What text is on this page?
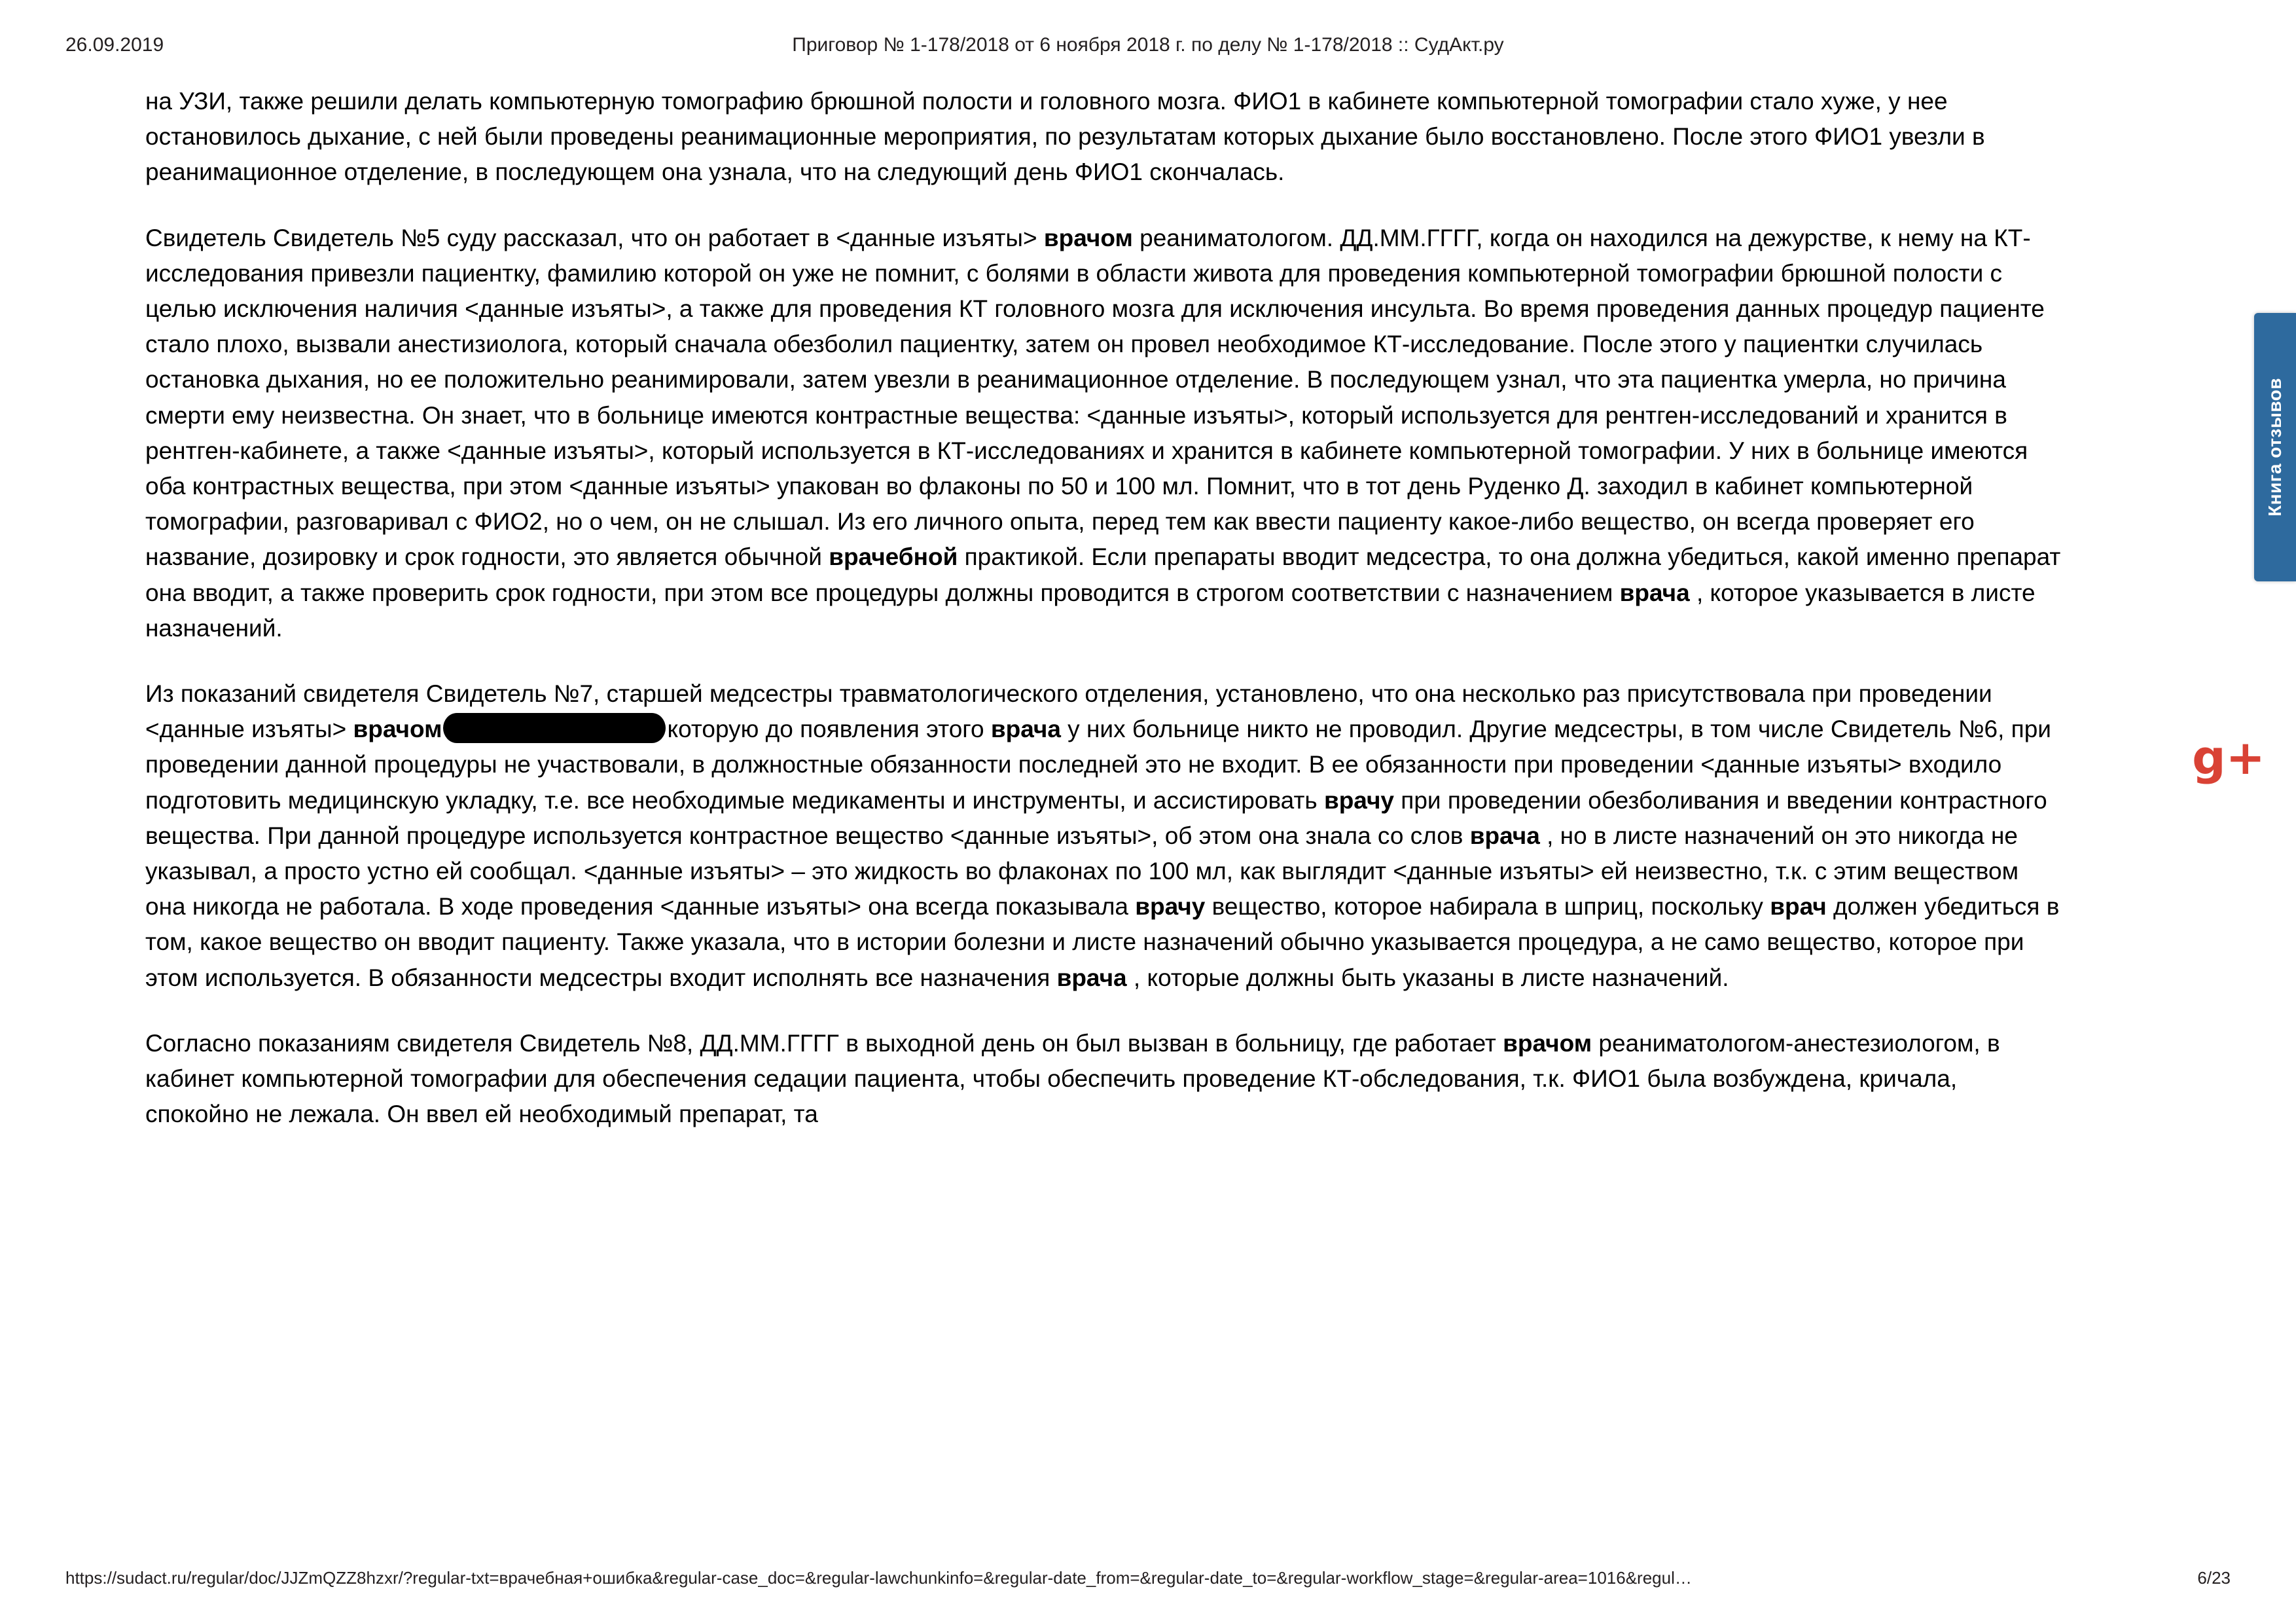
26.09.2019	Приговор № 1-178/2018 от 6 ноября 2018 г. по делу № 1-178/2018 :: СудАкт.ру
на УЗИ, также решили делать компьютерную томографию брюшной полости и головного мозга. ФИО1 в кабинете компьютерной томографии стало хуже, у нее остановилось дыхание, с ней были проведены реанимационные мероприятия, по результатам которых дыхание было восстановлено. После этого ФИО1 увезли в реанимационное отделение, в последующем она узнала, что на следующий день ФИО1 скончалась.
Свидетель Свидетель №5 суду рассказал, что он работает в <данные изъяты> врачом реаниматологом. ДД.ММ.ГГГГ, когда он находился на дежурстве, к нему на КТ-исследования привезли пациентку, фамилию которой он уже не помнит, с болями в области живота для проведения компьютерной томографии брюшной полости с целью исключения наличия <данные изъяты>, а также для проведения КТ головного мозга для исключения инсульта. Во время проведения данных процедур пациенте стало плохо, вызвали анестизиолога, который сначала обезболил пациентку, затем он провел необходимое КТ-исследование. После этого у пациентки случилась остановка дыхания, но ее положительно реанимировали, затем увезли в реанимационное отделение. В последующем узнал, что эта пациентка умерла, но причина смерти ему неизвестна. Он знает, что в больнице имеются контрастные вещества: <данные изъяты>, который используется для рентген-исследований и хранится в рентген-кабинете, а также <данные изъяты>, который используется в КТ-исследованиях и хранится в кабинете компьютерной томографии. У них в больнице имеются оба контрастных вещества, при этом <данные изъяты> упакован во флаконы по 50 и 100 мл. Помнит, что в тот день Руденко Д. заходил в кабинет компьютерной томографии, разговаривал с ФИО2, но о чем, он не слышал. Из его личного опыта, перед тем как ввести пациенту какое-либо вещество, он всегда проверяет его название, дозировку и срок годности, это является обычной врачебной практикой. Если препараты вводит медсестра, то она должна убедиться, какой именно препарат она вводит, а также проверить срок годности, при этом все процедуры должны проводится в строгом соответствии с назначением врача , которое указывается в листе назначений.
Из показаний свидетеля Свидетель №7, старшей медсестры травматологического отделения, установлено, что она несколько раз присутствовала при проведении <данные изъяты> врачом	которую до появления этого врача у них больнице никто не проводил. Другие медсестры, в том числе Свидетель №6, при проведении данной процедуры не участвовали, в должностные обязанности последней это не входит. В ее обязанности при проведении <данные изъяты> входило подготовить медицинскую укладку, т.е. все необходимые медикаменты и инструменты, и ассистировать врачу при проведении обезболивания и введении контрастного вещества. При данной процедуре используется контрастное вещество <данные изъяты>, об этом она знала со слов врача , но в листе назначений он это никогда не указывал, а просто устно ей сообщал. <данные изъяты> – это жидкость во флаконах по 100 мл, как выглядит <данные изъяты> ей неизвестно, т.к. с этим веществом она никогда не работала. В ходе проведения <данные изъяты> она всегда показывала врачу вещество, которое набирала в шприц, поскольку врач должен убедиться в том, какое вещество он вводит пациенту. Также указала, что в истории болезни и листе назначений обычно указывается процедура, а не само вещество, которое при этом используется. В обязанности медсестры входит исполнять все назначения врача , которые должны быть указаны в листе назначений.
Согласно показаниям свидетеля Свидетель №8, ДД.ММ.ГГГГ в выходной день он был вызван в больницу, где работает врачом реаниматологом-анестезиологом, в кабинет компьютерной томографии для обеспечения седации пациента, чтобы обеспечить проведение КТ-обследования, т.к. ФИО1 была возбуждена, кричала, спокойно не лежала. Он ввел ей необходимый препарат, та
Книга отзывов
g+
https://sudact.ru/regular/doc/JJZmQZZ8hzxr/?regular-txt=врачебная+ошибка&regular-case_doc=&regular-lawchunkinfo=&regular-date_from=&regular-date_to=&regular-workflow_stage=&regular-area=1016&regul…	6/23
